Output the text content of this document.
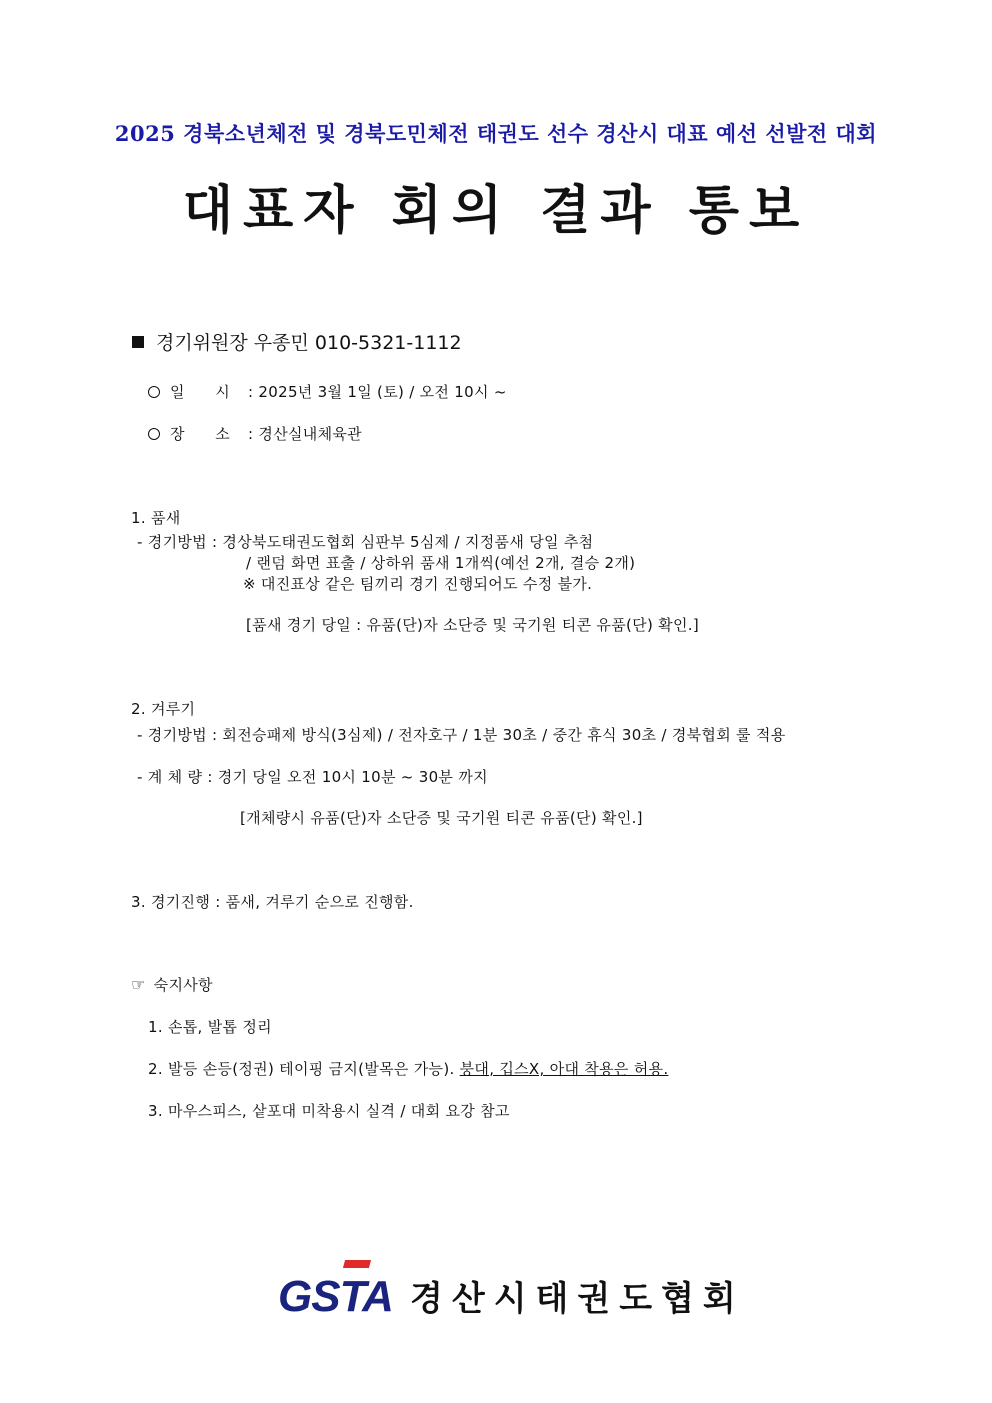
2025 경북소년체전 및 경북도민체전 태권도 선수 경산시 대표 예선 선발전 대회
대표자 회의 결과 통보
경기위원장 우종민 010-5321-1112
일      시 : 2025년 3월 1일 (토) / 오전 10시 ~
장      소 : 경산실내체육관
1. 품새
- 경기방법 : 경상북도태권도협회 심판부 5심제 / 지정품새 당일 추첨
/ 랜덤 화면 표출 / 상하위 품새 1개씩(예선 2개, 결승 2개)
※ 대진표상 같은 팀끼리 경기 진행되어도 수정 불가.
[품새 경기 당일 : 유품(단)자 소단증 및 국기원 티콘 유품(단) 확인.]
2. 겨루기
- 경기방법 : 회전승패제 방식(3심제) / 전자호구 / 1분 30초 / 중간 휴식 30초 / 경북협회 룰 적용
- 계 체 량 : 경기 당일 오전 10시 10분 ~ 30분 까지
[개체량시 유품(단)자 소단증 및 국기원 티콘 유품(단) 확인.]
3. 경기진행 : 품새, 겨루기 순으로 진행함.
☞ 숙지사항
1. 손톱, 발톱 정리
2. 발등 손등(정권) 테이핑 금지(발목은 가능). 붕대, 깁스X, 아대 착용은 허용.
3. 마우스피스, 샅포대 미착용시 실격 / 대회 요강 참고
GSTA 경산시태권도협회
